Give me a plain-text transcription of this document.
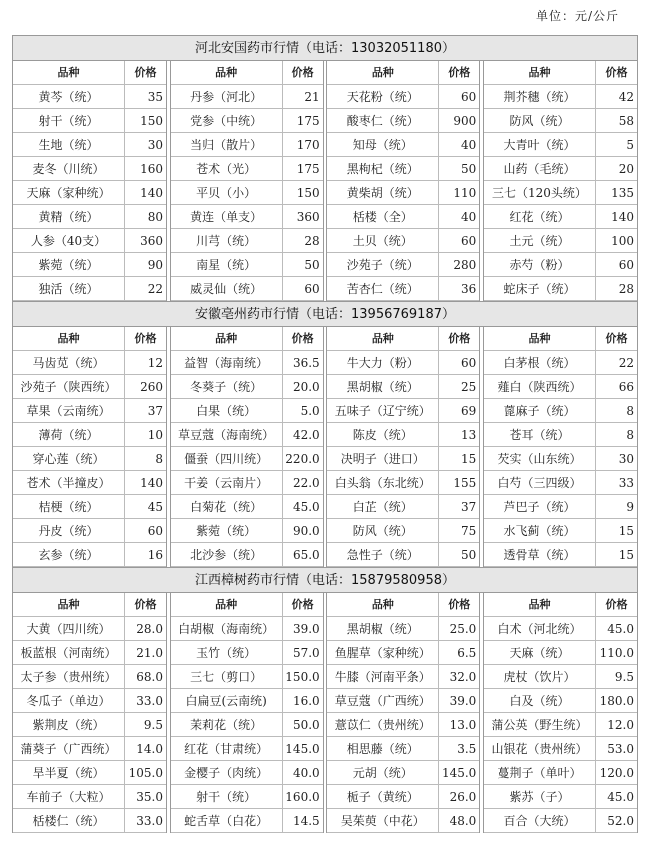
单位：元/公斤
河北安国药市行情（电话：13032051180）
品种	价格
黄芩（统）	35
射干（统）	150
生地（统）	30
麦冬（川统）	160
天麻（家种统）	140
黄精（统）	80
人参（40支）	360
紫菀（统）	90
独活（统）	22
品种	价格
丹参（河北）	21
党参（中统）	175
当归（散片）	170
苍术（光）	175
平贝（小）	150
黄连（单支）	360
川芎（统）	28
南星（统）	50
威灵仙（统）	60
品种	价格
天花粉（统）	60
酸枣仁（统）	900
知母（统）	40
黑枸杞（统）	50
黄柴胡（统）	110
栝楼（全）	40
土贝（统）	60
沙苑子（统）	280
苦杏仁（统）	36
品种	价格
荆芥穗（统）	42
防风（统）	58
大青叶（统）	5
山药（毛统）	20
三七（120头统）	135
红花（统）	140
土元（统）	100
赤芍（粉）	60
蛇床子（统）	28
安徽亳州药市行情（电话：13956769187）
品种	价格
马齿苋（统）	12
沙苑子（陕西统）	260
草果（云南统）	37
薄荷（统）	10
穿心莲（统）	8
苍术（半撞皮）	140
桔梗（统）	45
丹皮（统）	60
玄参（统）	16
品种	价格
益智（海南统）	36.5
冬葵子（统）	20.0
白果（统）	5.0
草豆蔻（海南统）	42.0
僵蚕（四川统）	220.0
干姜（云南片）	22.0
白菊花（统）	45.0
紫菀（统）	90.0
北沙参（统）	65.0
品种	价格
牛大力（粉）	60
黑胡椒（统）	25
五味子（辽宁统）	69
陈皮（统）	13
决明子（进口）	15
白头翁（东北统）	155
白芷（统）	37
防风（统）	75
急性子（统）	50
品种	价格
白茅根（统）	22
薤白（陕西统）	66
蓖麻子（统）	8
苍耳（统）	8
芡实（山东统）	30
白芍（三四级）	33
芦巴子（统）	9
水飞蓟（统）	15
透骨草（统）	15
江西樟树药市行情（电话：15879580958）
品种	价格
大黄（四川统）	28.0
板蓝根（河南统）	21.0
太子参（贵州统）	68.0
冬瓜子（单边）	33.0
紫荆皮（统）	9.5
蒲葵子（广西统）	14.0
旱半夏（统）	105.0
车前子（大粒）	35.0
栝楼仁（统）	33.0
品种	价格
白胡椒（海南统）	39.0
玉竹（统）	57.0
三七（剪口）	150.0
白扁豆(云南统)	16.0
茉莉花（统）	50.0
红花（甘肃统）	145.0
金樱子（肉统）	40.0
射干（统）	160.0
蛇舌草（白花）	14.5
品种	价格
黑胡椒（统）	25.0
鱼腥草（家种统）	6.5
牛膝（河南平条）	32.0
草豆蔻（广西统）	39.0
薏苡仁（贵州统）	13.0
相思藤（统）	3.5
元胡（统）	145.0
栀子（黄统）	26.0
吴茱萸（中花）	48.0
品种	价格
白术（河北统）	45.0
天麻（统）	110.0
虎杖（饮片）	9.5
白及（统）	180.0
蒲公英（野生统）	12.0
山银花（贵州统）	53.0
蔓荆子（单叶）	120.0
紫苏（子）	45.0
百合（大统）	52.0
